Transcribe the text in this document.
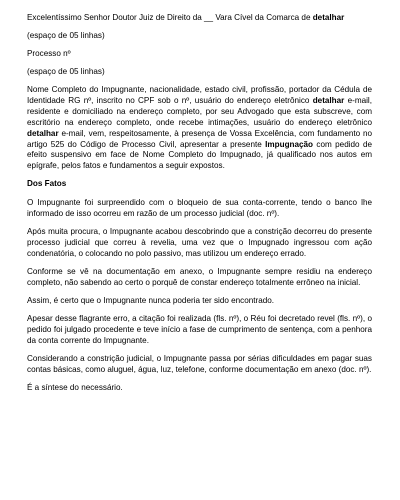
Excelentíssimo Senhor Doutor Juiz de Direito da __ Vara Cível da Comarca de detalhar

(espaço de 05 linhas)

Processo nº

(espaço de 05 linhas)

Nome Completo do Impugnante, nacionalidade, estado civil, profissão, portador da Cédula de Identidade RG nº, inscrito no CPF sob o nº, usuário do endereço eletrônico detalhar e-mail, residente e domiciliado na endereço completo, por seu Advogado que esta subscreve, com escritório na endereço completo, onde recebe intimações, usuário do endereço eletrônico detalhar e-mail, vem, respeitosamente, à presença de Vossa Excelência, com fundamento no artigo 525 do Código de Processo Civil, apresentar a presente Impugnação com pedido de efeito suspensivo em face de Nome Completo do Impugnado, já qualificado nos autos em epígrafe, pelos fatos e fundamentos a seguir expostos.

Dos Fatos

O Impugnante foi surpreendido com o bloqueio de sua conta-corrente, tendo o banco lhe informado de isso ocorreu em razão de um processo judicial (doc. nº).

Após muita procura, o Impugnante acabou descobrindo que a constrição decorreu do presente processo judicial que correu à revelia, uma vez que o Impugnado ingressou com ação condenatória, o colocando no polo passivo, mas utilizou um endereço errado.

Conforme se vê na documentação em anexo, o Impugnante sempre residiu na endereço completo, não sabendo ao certo o porquê de constar endereço totalmente errôneo na inicial.

Assim, é certo que o Impugnante nunca poderia ter sido encontrado.

Apesar desse flagrante erro, a citação foi realizada (fls. nº), o Réu foi decretado revel (fls. nº), o pedido foi julgado procedente e teve início a fase de cumprimento de sentença, com a penhora da conta corrente do Impugnante.

Considerando a constrição judicial, o Impugnante passa por sérias dificuldades em pagar suas contas básicas, como aluguel, água, luz, telefone, conforme documentação em anexo (doc. nº).

É a síntese do necessário.
